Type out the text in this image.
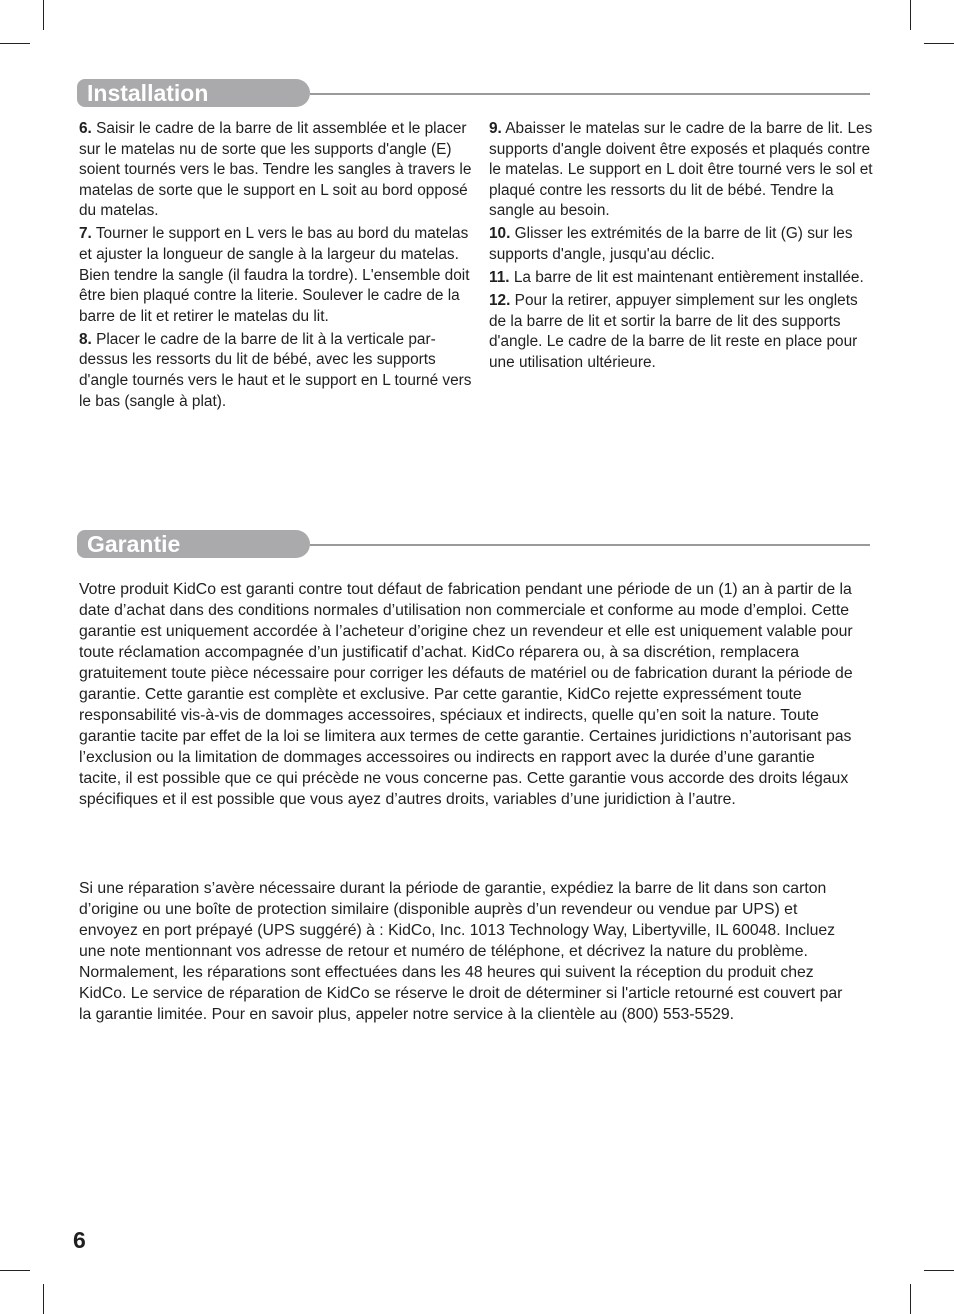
Installation

6. Saisir le cadre de la barre de lit assemblée et le placer sur le matelas nu de sorte que les supports d'angle (E) soient tournés vers le bas. Tendre les sangles à travers le matelas de sorte que le support en L soit au bord opposé du matelas.

7. Tourner le support en L vers le bas au bord du matelas et ajuster la longueur de sangle à la largeur du matelas. Bien tendre la sangle (il faudra la tordre). L'ensemble doit être bien plaqué contre la literie. Soulever le cadre de la barre de lit et retirer le matelas du lit.

8. Placer le cadre de la barre de lit à la verticale par-dessus les ressorts du lit de bébé, avec les supports d'angle tournés vers le haut et le support en L tourné vers le bas (sangle à plat).

9. Abaisser le matelas sur le cadre de la barre de lit. Les supports d'angle doivent être exposés et plaqués contre le matelas. Le support en L doit être tourné vers le sol et plaqué contre les ressorts du lit de bébé. Tendre la sangle au besoin.

10. Glisser les extrémités de la barre de lit (G) sur les supports d'angle, jusqu'au déclic.

11. La barre de lit est maintenant entièrement installée.

12. Pour la retirer, appuyer simplement sur les onglets de la barre de lit et sortir la barre de lit des supports d'angle. Le cadre de la barre de lit reste en place pour une utilisation ultérieure.

Garantie

Votre produit KidCo est garanti contre tout défaut de fabrication pendant une période de un (1) an à partir de la date d’achat dans des conditions normales d’utilisation non commerciale et conforme au mode d’emploi. Cette garantie est uniquement accordée à l’acheteur d’origine chez un revendeur et elle est uniquement valable pour toute réclamation accompagnée d’un justificatif d’achat. KidCo réparera ou, à sa discrétion, remplacera gratuitement toute pièce nécessaire pour corriger les défauts de matériel ou de fabrication durant la période de garantie. Cette garantie est complète et exclusive. Par cette garantie, KidCo rejette expressément toute responsabilité vis-à-vis de dommages accessoires, spéciaux et indirects, quelle qu’en soit la nature. Toute garantie tacite par effet de la loi se limitera aux termes de cette garantie. Certaines juridictions n’autorisant pas l’exclusion ou la limitation de dommages accessoires ou indirects en rapport avec la durée d’une garantie tacite, il est possible que ce qui précède ne vous concerne pas. Cette garantie vous accorde des droits légaux spécifiques et il est possible que vous ayez d’autres droits, variables d’une juridiction à l’autre.

Si une réparation s’avère nécessaire durant la période de garantie, expédiez la barre de lit dans son carton d’origine ou une boîte de protection similaire (disponible auprès d’un revendeur ou vendue par UPS) et envoyez en port prépayé (UPS suggéré) à : KidCo, Inc. 1013 Technology Way, Libertyville, IL 60048. Incluez une note mentionnant vos adresse de retour et numéro de téléphone, et décrivez la nature du problème. Normalement, les réparations sont effectuées dans les 48 heures qui suivent la réception du produit chez KidCo. Le service de réparation de KidCo se réserve le droit de déterminer si l'article retourné est couvert par la garantie limitée. Pour en savoir plus, appeler notre service à la clientèle au (800) 553-5529.

6
